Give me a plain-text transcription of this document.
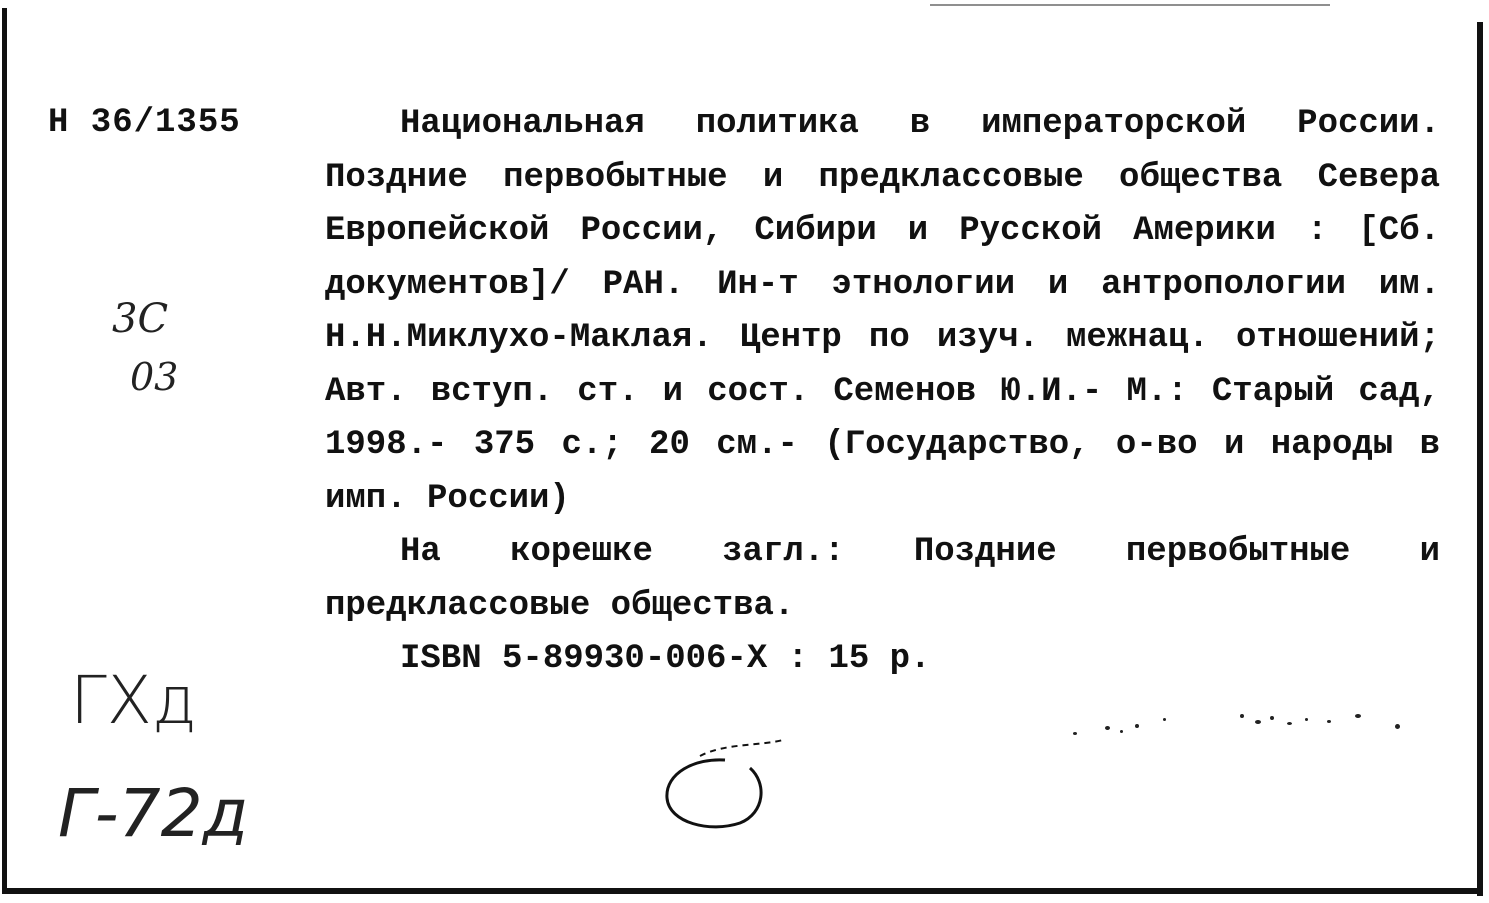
Н 36/1355
3С
03
ГХд
Г-72д

Национальная политика в императорской России. Поздние первобытные и предклассовые общества Севера Европейской России, Сибири и Русской Америки : [Сб. документов]/ РАН. Ин-т этнологии и антропологии им. Н.Н.Миклухо-Маклая. Центр по изуч. межнац. отношений; Авт. вступ. ст. и сост. Семенов Ю.И.- М.: Старый сад, 1998.- 375 с.; 20 см.- (Государство, о-во и народы в имп. России)

На корешке загл.: Поздние первобытные и предклассовые общества.

ISBN 5-89930-006-X : 15 р.
